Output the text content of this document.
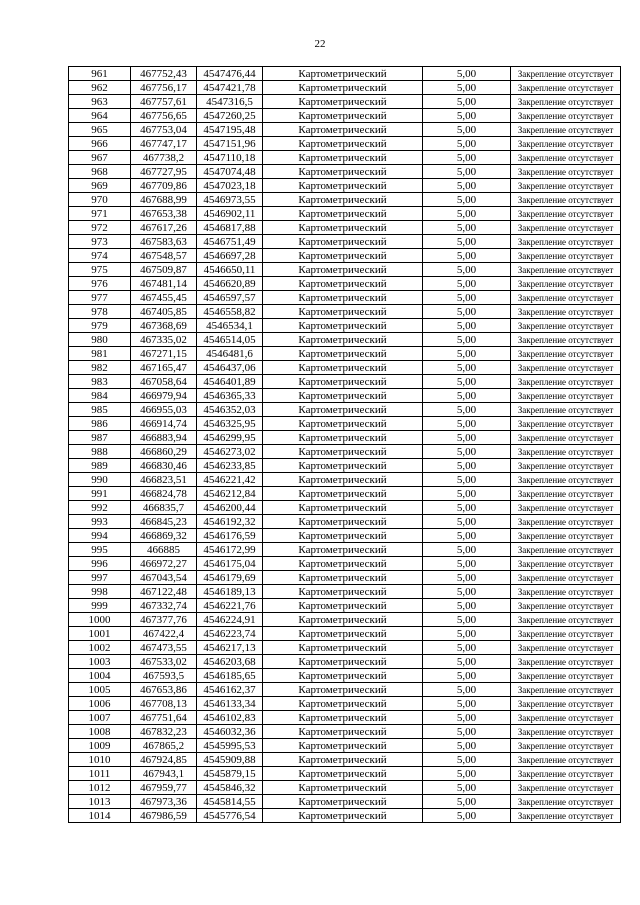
22
961	467752,43	4547476,44	Картометрический	5,00	Закрепление отсутствует
962	467756,17	4547421,78	Картометрический	5,00	Закрепление отсутствует
963	467757,61	4547316,5	Картометрический	5,00	Закрепление отсутствует
964	467756,65	4547260,25	Картометрический	5,00	Закрепление отсутствует
965	467753,04	4547195,48	Картометрический	5,00	Закрепление отсутствует
966	467747,17	4547151,96	Картометрический	5,00	Закрепление отсутствует
967	467738,2	4547110,18	Картометрический	5,00	Закрепление отсутствует
968	467727,95	4547074,48	Картометрический	5,00	Закрепление отсутствует
969	467709,86	4547023,18	Картометрический	5,00	Закрепление отсутствует
970	467688,99	4546973,55	Картометрический	5,00	Закрепление отсутствует
971	467653,38	4546902,11	Картометрический	5,00	Закрепление отсутствует
972	467617,26	4546817,88	Картометрический	5,00	Закрепление отсутствует
973	467583,63	4546751,49	Картометрический	5,00	Закрепление отсутствует
974	467548,57	4546697,28	Картометрический	5,00	Закрепление отсутствует
975	467509,87	4546650,11	Картометрический	5,00	Закрепление отсутствует
976	467481,14	4546620,89	Картометрический	5,00	Закрепление отсутствует
977	467455,45	4546597,57	Картометрический	5,00	Закрепление отсутствует
978	467405,85	4546558,82	Картометрический	5,00	Закрепление отсутствует
979	467368,69	4546534,1	Картометрический	5,00	Закрепление отсутствует
980	467335,02	4546514,05	Картометрический	5,00	Закрепление отсутствует
981	467271,15	4546481,6	Картометрический	5,00	Закрепление отсутствует
982	467165,47	4546437,06	Картометрический	5,00	Закрепление отсутствует
983	467058,64	4546401,89	Картометрический	5,00	Закрепление отсутствует
984	466979,94	4546365,33	Картометрический	5,00	Закрепление отсутствует
985	466955,03	4546352,03	Картометрический	5,00	Закрепление отсутствует
986	466914,74	4546325,95	Картометрический	5,00	Закрепление отсутствует
987	466883,94	4546299,95	Картометрический	5,00	Закрепление отсутствует
988	466860,29	4546273,02	Картометрический	5,00	Закрепление отсутствует
989	466830,46	4546233,85	Картометрический	5,00	Закрепление отсутствует
990	466823,51	4546221,42	Картометрический	5,00	Закрепление отсутствует
991	466824,78	4546212,84	Картометрический	5,00	Закрепление отсутствует
992	466835,7	4546200,44	Картометрический	5,00	Закрепление отсутствует
993	466845,23	4546192,32	Картометрический	5,00	Закрепление отсутствует
994	466869,32	4546176,59	Картометрический	5,00	Закрепление отсутствует
995	466885	4546172,99	Картометрический	5,00	Закрепление отсутствует
996	466972,27	4546175,04	Картометрический	5,00	Закрепление отсутствует
997	467043,54	4546179,69	Картометрический	5,00	Закрепление отсутствует
998	467122,48	4546189,13	Картометрический	5,00	Закрепление отсутствует
999	467332,74	4546221,76	Картометрический	5,00	Закрепление отсутствует
1000	467377,76	4546224,91	Картометрический	5,00	Закрепление отсутствует
1001	467422,4	4546223,74	Картометрический	5,00	Закрепление отсутствует
1002	467473,55	4546217,13	Картометрический	5,00	Закрепление отсутствует
1003	467533,02	4546203,68	Картометрический	5,00	Закрепление отсутствует
1004	467593,5	4546185,65	Картометрический	5,00	Закрепление отсутствует
1005	467653,86	4546162,37	Картометрический	5,00	Закрепление отсутствует
1006	467708,13	4546133,34	Картометрический	5,00	Закрепление отсутствует
1007	467751,64	4546102,83	Картометрический	5,00	Закрепление отсутствует
1008	467832,23	4546032,36	Картометрический	5,00	Закрепление отсутствует
1009	467865,2	4545995,53	Картометрический	5,00	Закрепление отсутствует
1010	467924,85	4545909,88	Картометрический	5,00	Закрепление отсутствует
1011	467943,1	4545879,15	Картометрический	5,00	Закрепление отсутствует
1012	467959,77	4545846,32	Картометрический	5,00	Закрепление отсутствует
1013	467973,36	4545814,55	Картометрический	5,00	Закрепление отсутствует
1014	467986,59	4545776,54	Картометрический	5,00	Закрепление отсутствует
